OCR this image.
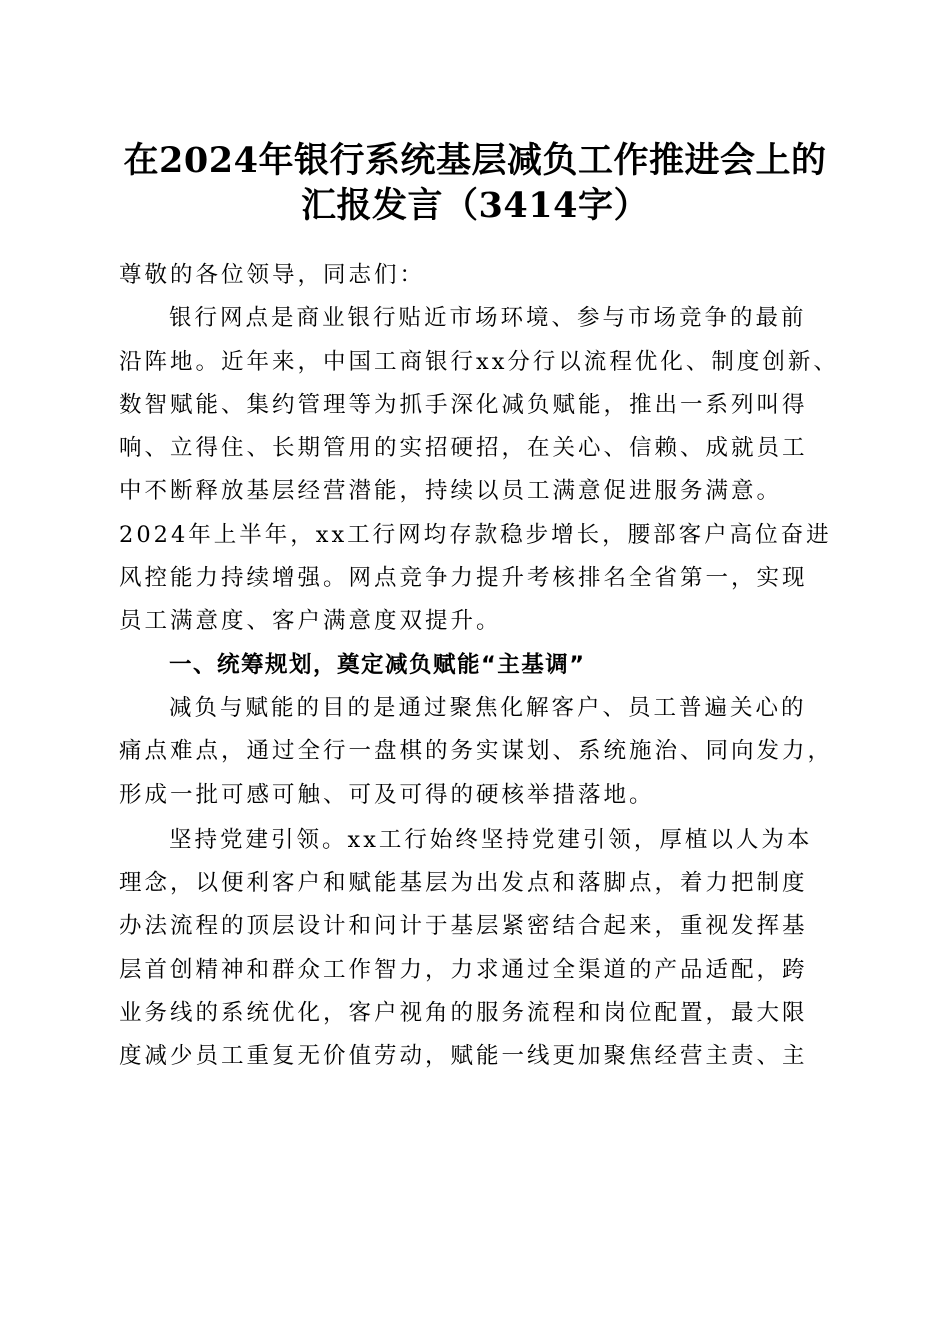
在2024年银行系统基层减负工作推进会上的
汇报发言（3414字）
尊敬的各位领导，同志们：
银行网点是商业银行贴近市场环境、参与市场竞争的最前
沿阵地。近年来，中国工商银行xx分行以流程优化、制度创新、
数智赋能、集约管理等为抓手深化减负赋能，推出一系列叫得
响、立得住、长期管用的实招硬招，在关心、信赖、成就员工
中不断释放基层经营潜能，持续以员工满意促进服务满意。
2024年上半年，xx工行网均存款稳步增长，腰部客户高位奋进
风控能力持续增强。网点竞争力提升考核排名全省第一，实现
员工满意度、客户满意度双提升。
一、统筹规划，奠定减负赋能“主基调”
减负与赋能的目的是通过聚焦化解客户、员工普遍关心的
痛点难点，通过全行一盘棋的务实谋划、系统施治、同向发力，
形成一批可感可触、可及可得的硬核举措落地。
坚持党建引领。xx工行始终坚持党建引领，厚植以人为本
理念，以便利客户和赋能基层为出发点和落脚点，着力把制度
办法流程的顶层设计和问计于基层紧密结合起来，重视发挥基
层首创精神和群众工作智力，力求通过全渠道的产品适配，跨
业务线的系统优化，客户视角的服务流程和岗位配置，最大限
度减少员工重复无价值劳动，赋能一线更加聚焦经营主责、主
